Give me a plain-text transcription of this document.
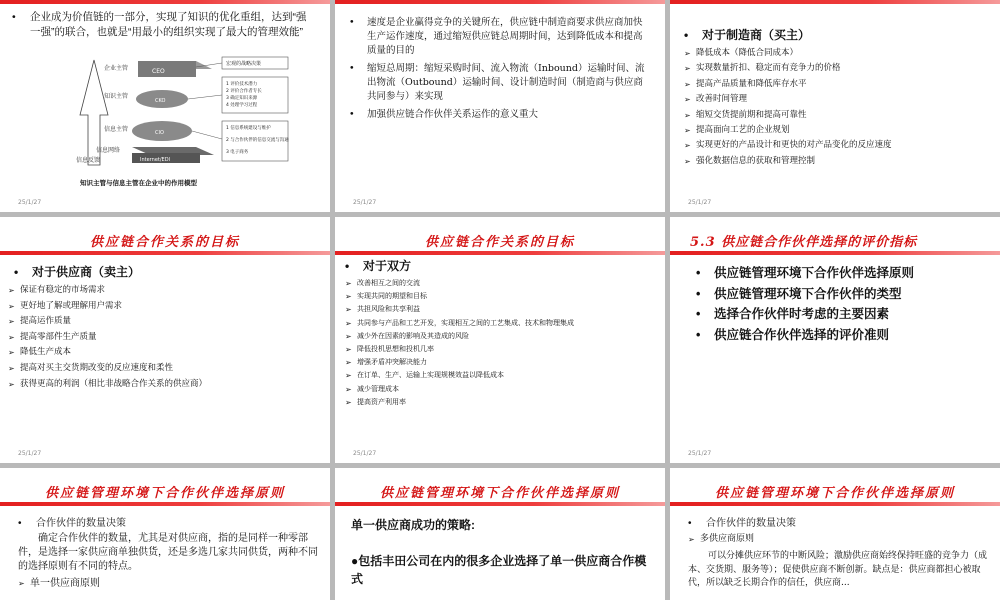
•	企业成为价值链的一部分，实现了知识的优化重组，达到“强一强”的联合，也就是“用最小的组织实现了最大的管理效能”
企业主管
知识主管
信息主管
信息网络
信息反馈
CEO
CKO
CIO
Internet/EDI
宏观的战略决策
1 评价技术潜力
2 评价合作者专长
3 确定知识来源
4 处理学习过程
1 信息系统建设与维护
2 与合作伙伴的信息交流与沟通
3 电子商务
知识主管与信息主管在企业中的作用模型
25/1/27
•	速度是企业赢得竞争的关键所在，供应链中制造商要求供应商加快生产运作速度，通过缩短供应链总周期时间，达到降低成本和提高质量的目的
•	缩短总周期：缩短采购时间、流入物流（Inbound）运输时间、流出物流（Outbound）运输时间、设计制造时间（制造商与供应商共同参与）来实现
•	加强供应链合作伙伴关系运作的意义重大
25/1/27
•	对于制造商（买主）
➢ 降低成本（降低合同成本）
➢ 实现数量折扣、稳定而有竞争力的价格
➢ 提高产品质量和降低库存水平
➢ 改善时间管理
➢ 缩短交货提前期和提高可靠性
➢ 提高面向工艺的企业规划
➢ 实现更好的产品设计和更快的对产品变化的反应速度
➢ 强化数据信息的获取和管理控制
25/1/27
供应链合作关系的目标
•	对于供应商（卖主）
➢ 保证有稳定的市场需求
➢ 更好地了解或理解用户需求
➢ 提高运作质量
➢ 提高零部件生产质量
➢ 降低生产成本
➢ 提高对买主交货期改变的反应速度和柔性
➢ 获得更高的利润（相比非战略合作关系的供应商）
25/1/27
供应链合作关系的目标
•	对于双方
➢ 改善相互之间的交流
➢ 实现共同的期望和目标
➢ 共担风险和共享利益
➢ 共同参与产品和工艺开发，实现相互之间的工艺集成、技术和物理集成
➢ 减少外在因素的影响及其造成的风险
➢ 降低投机思想和投机几率
➢ 增强矛盾冲突解决能力
➢ 在订单、生产、运输上实现规模效益以降低成本
➢ 减少管理成本
➢ 提高资产利用率
25/1/27
5.3 供应链合作伙伴选择的评价指标
•	供应链管理环境下合作伙伴选择原则
•	供应链管理环境下合作伙伴的类型
•	选择合作伙伴时考虑的主要因素
•	供应链合作伙伴选择的评价准则
25/1/27
供应链管理环境下合作伙伴选择原则
•	合作伙伴的数量决策
确定合作伙伴的数量，尤其是对供应商，指的是同样一种零部件，是选择一家供应商单独供货，还是多选几家共同供货，两种不同的选择原则有不同的特点。
➢ 单一供应商原则
供应链管理环境下合作伙伴选择原则
单一供应商成功的策略:
●包括丰田公司在内的很多企业选择了单一供应商合作模式
供应链管理环境下合作伙伴选择原则
•	合作伙伴的数量决策
➢ 多供应商原则
可以分摊供应环节的中断风险；激励供应商始终保持旺盛的竞争力（成本、交货期、服务等）；促使供应商不断创新。缺点是：供应商都担心被取代，所以缺乏长期合作的信任，供应商...
